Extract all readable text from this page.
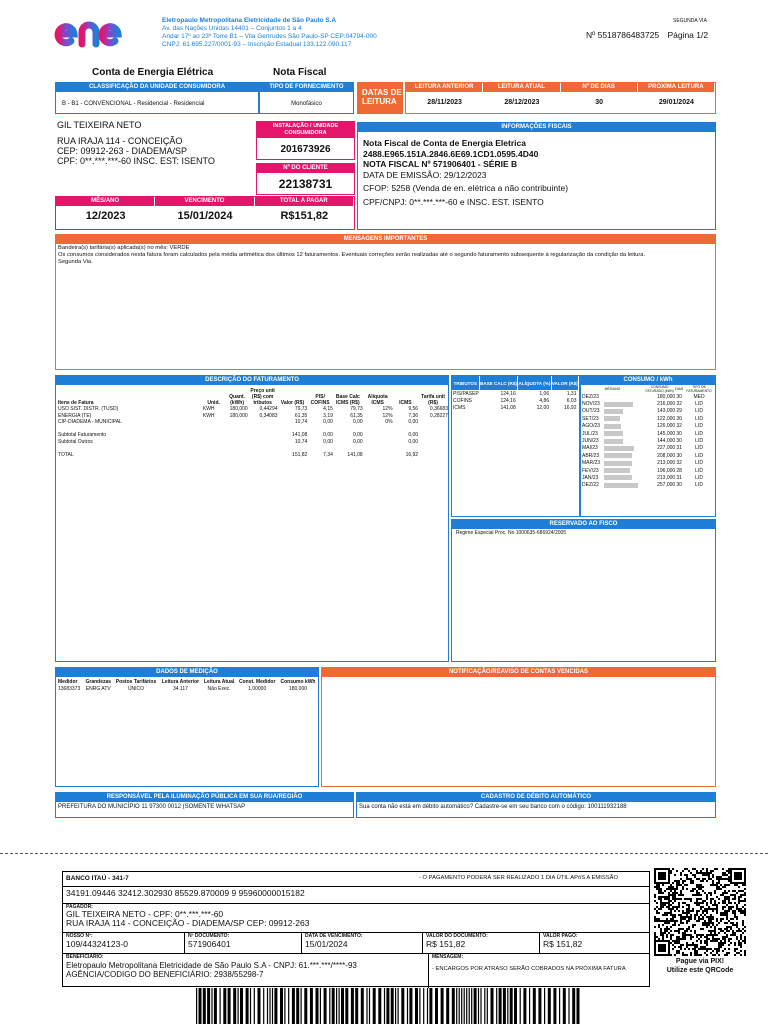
Eletropaulo Metropolitana Eletricidade de São Paulo S.A
Av. das Nações Unidas 14401 – Conjuntos 1 a 4
Andar 17º ao 23º Torre B1 – Vila Gertrudes São Paulo-SP CEP:04794-000
CNPJ: 61.695.227/0001-93 – Inscrição Estadual 133.122.090.117
SEGUNDA VIA
Nº 5518786483725 Página 1/2
Conta de Energia Elétrica	Nota Fiscal
CLASSIFICAÇÃO DA UNIDADE CONSUMIDORA
B - B1 - CONVENCIONAL - Residencial - Residencial
TIPO DE FORNECIMENTO
Monofásico
DATAS DE LEITURA
LEITURA ANTERIOR	LEITURA ATUAL	Nº DE DIAS	PRÓXIMA LEITURA
28/11/2023	28/12/2023	30	29/01/2024
GIL TEIXEIRA NETO
RUA IRAJA 114 - CONCEIÇÃO
CEP: 09912-263 - DIADEMA/SP
CPF: 0**.***.***-60 INSC. EST: ISENTO
INSTALAÇÃO / UNIDADE CONSUMIDORA
201673926
Nº DO CLIENTE
22138731
MÊS/ANO	VENCIMENTO	TOTAL A PAGAR
12/2023	15/01/2024	R$151,82
INFORMAÇÕES FISCAIS
Nota Fiscal de Conta de Energia Eletrica
2488.E965.151A.2846.6E69.1CD1.0595.4D40
NOTA FISCAL Nº 571906401 - SÉRIE B
DATA DE EMISSÃO: 29/12/2023
CFOP: 5258 (Venda de en. elétrica a não contribuinte)
CPF/CNPJ: 0**.***.***-60 e INSC. EST. ISENTO
MENSAGENS IMPORTANTES
Bandeira(s) tarifária(s) aplicada(s) no mês: VERDE
Os consumos considerados nesta fatura foram calculados pela média aritmética dos últimos 12 faturamentos. Eventuais correções serão realizadas até o segundo faturamento subsequente à regularização da condição da leitura.
Segunda Via.
DESCRIÇÃO DO FATURAMENTO
Itens de Fatura	Unid.	Quant. (kWh)	Preço unit (R$) com tributos	Valor (R$)	PIS/ COFINS	Base Calc ICMS (R$)	Alíquota ICMS	ICMS	Tarifa unit (R$)
USO SIST. DISTR. (TUSD)	KWH	180,000	0,44294	79,73	4,15	79,73	12%	9,56	0,36683
ENERGIA (TE)	KWH	180,000	0,34083	61,35	3,19	61,35	12%	7,36	0,28227
CIP-DIADEMA - MUNICIPAL				10,74	0,00	0,00	0%	0,00	

Subtotal Faturamento				141,08	0,00	0,00		0,00	
Subtotal Outros				10,74	0,00	0,00		0,00	

TOTAL				151,82	7,34	141,08		16,92	
TRIBUTOS	BASE CALC (R$)	ALÍQUOTA (%)	VALOR (R$)
PIS/PASEP	124,16	1,06	1,31
COFINS	124,16	4,86	6,03
ICMS	141,08	12,00	16,92
CONSUMO / kWh
MÊS/ANO		CONSUMO FATURADO (kWh)	DIAS	TIPO DE FATURAMENTO
DEZ/23		180,000	30	MED
NOV/23		216,000	32	LID
OUT/23		143,000	29	LID
SET/23		122,000	30	LID
AGO/23		126,000	32	LID
JUL/23		145,000	30	LID
JUN/23		144,000	30	LID
MAI/23		227,000	31	LID
ABR/23		208,000	30	LID
MAR/23		213,000	32	LID
FEV/23		196,000	28	LID
JAN/23		213,000	31	LID
DEZ/22		257,000	30	LID
RESERVADO AO FISCO
Regime Especial Proc. No 1000635-686924/2005
DADOS DE MEDIÇÃO
Medidor	Grandezas	Postos Tarifários	Leitura Anterior	Leitura Atual	Const. Medidor	Consumo kWh
13683373	ENRG ATV	ÚNICO	34.117	Não Exec.	1,00000	180,000
NOTIFICAÇÃO/REAVISO DE CONTAS VENCIDAS
RESPONSÁVEL PELA ILUMINAÇÃO PÚBLICA EM SUA RUA/REGIÃO
PREFEITURA DO MUNICÍPIO 11 97300 0012 (SOMENTE WHATSAP
CADASTRO DE DÉBITO AUTOMÁTICO
Sua conta não está em débito automático? Cadastre-se em seu banco com o código: 100111932188
BANCO ITAÚ - 341-7	- O PAGAMENTO PODERÁ SER REALIZADO 1 DIA ÚTIL APóS A EMISSÃO
34191.09446 32412.302930 85529.870009 9 95960000015182
PAGADOR:
GIL TEIXEIRA NETO - CPF: 0**.***.***-60
RUA IRAJA 114 - CONCEIÇÃO - DIADEMA/SP CEP: 09912-263
NOSSO Nº:
109/44324123-0
Nº DOCUMENTO:
571906401
DATA DE VENCIMENTO:
15/01/2024
VALOR DO DOCUMENTO:
R$ 151,82
VALOR PAGO:
R$ 151,82
BENEFICIÁRIO:
Eletropaulo Metropolitana Eletricidade de São Paulo S.A - CNPJ: 61.***.***/****-93
AGÊNCIA/CODIGO DO BENEFICIÁRIO: 2938/55298-7
MENSAGEM:
- ENCARGOS POR ATRASO SERÃO COBRADOS NA PRÓXIMA FATURA
Pague via PIX!
Utilize este QRCode
